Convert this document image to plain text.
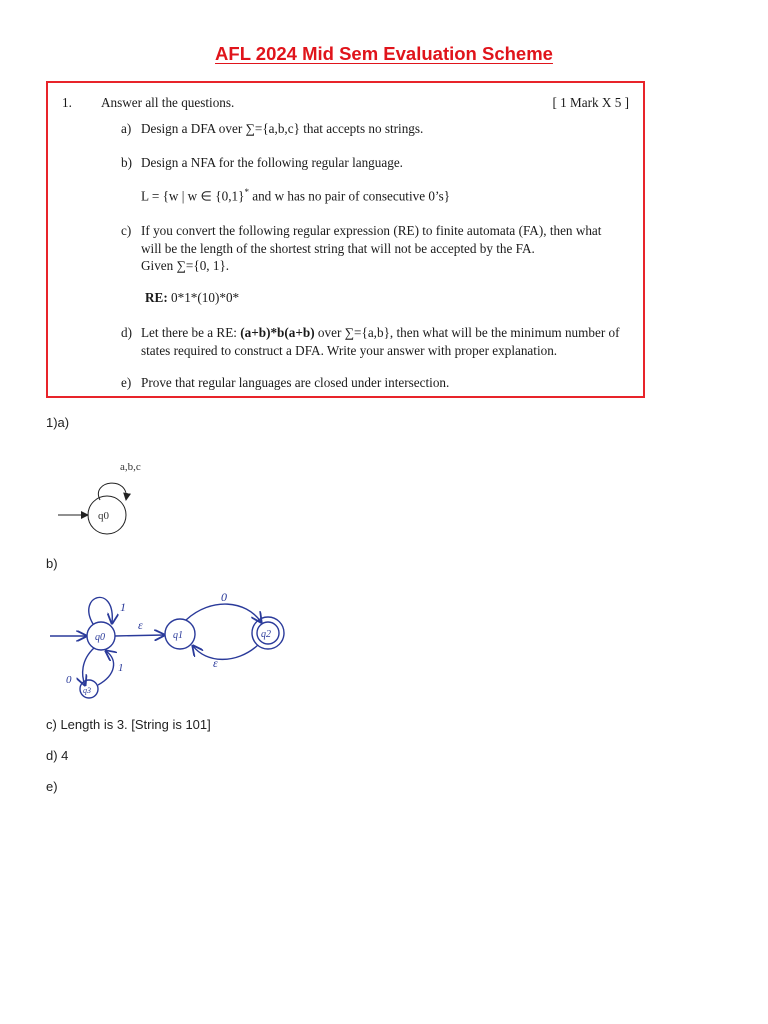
AFL 2024 Mid Sem Evaluation Scheme
1. Answer all the questions.	[ 1 Mark X 5 ]
a) Design a DFA over ∑={a,b,c} that accepts no strings.
b) Design a NFA for the following regular language.
L = {w | w ∈ {0,1}* and w has no pair of consecutive 0’s}
c) If you convert the following regular expression (RE) to finite automata (FA), then what
will be the length of the shortest string that will not be accepted by the FA.
Given ∑={0, 1}.
RE: 0*1*(10)*0*
d) Let there be a RE: (a+b)*b(a+b) over ∑={a,b}, then what will be the minimum number of
states required to construct a DFA. Write your answer with proper explanation.
e) Prove that regular languages are closed under intersection.
1)a)
a,b,c
q0
b)
q0	q1	q2
q3
1
ε
0
ε
0
1
c) Length is 3. [String is 101]
d) 4
e)
